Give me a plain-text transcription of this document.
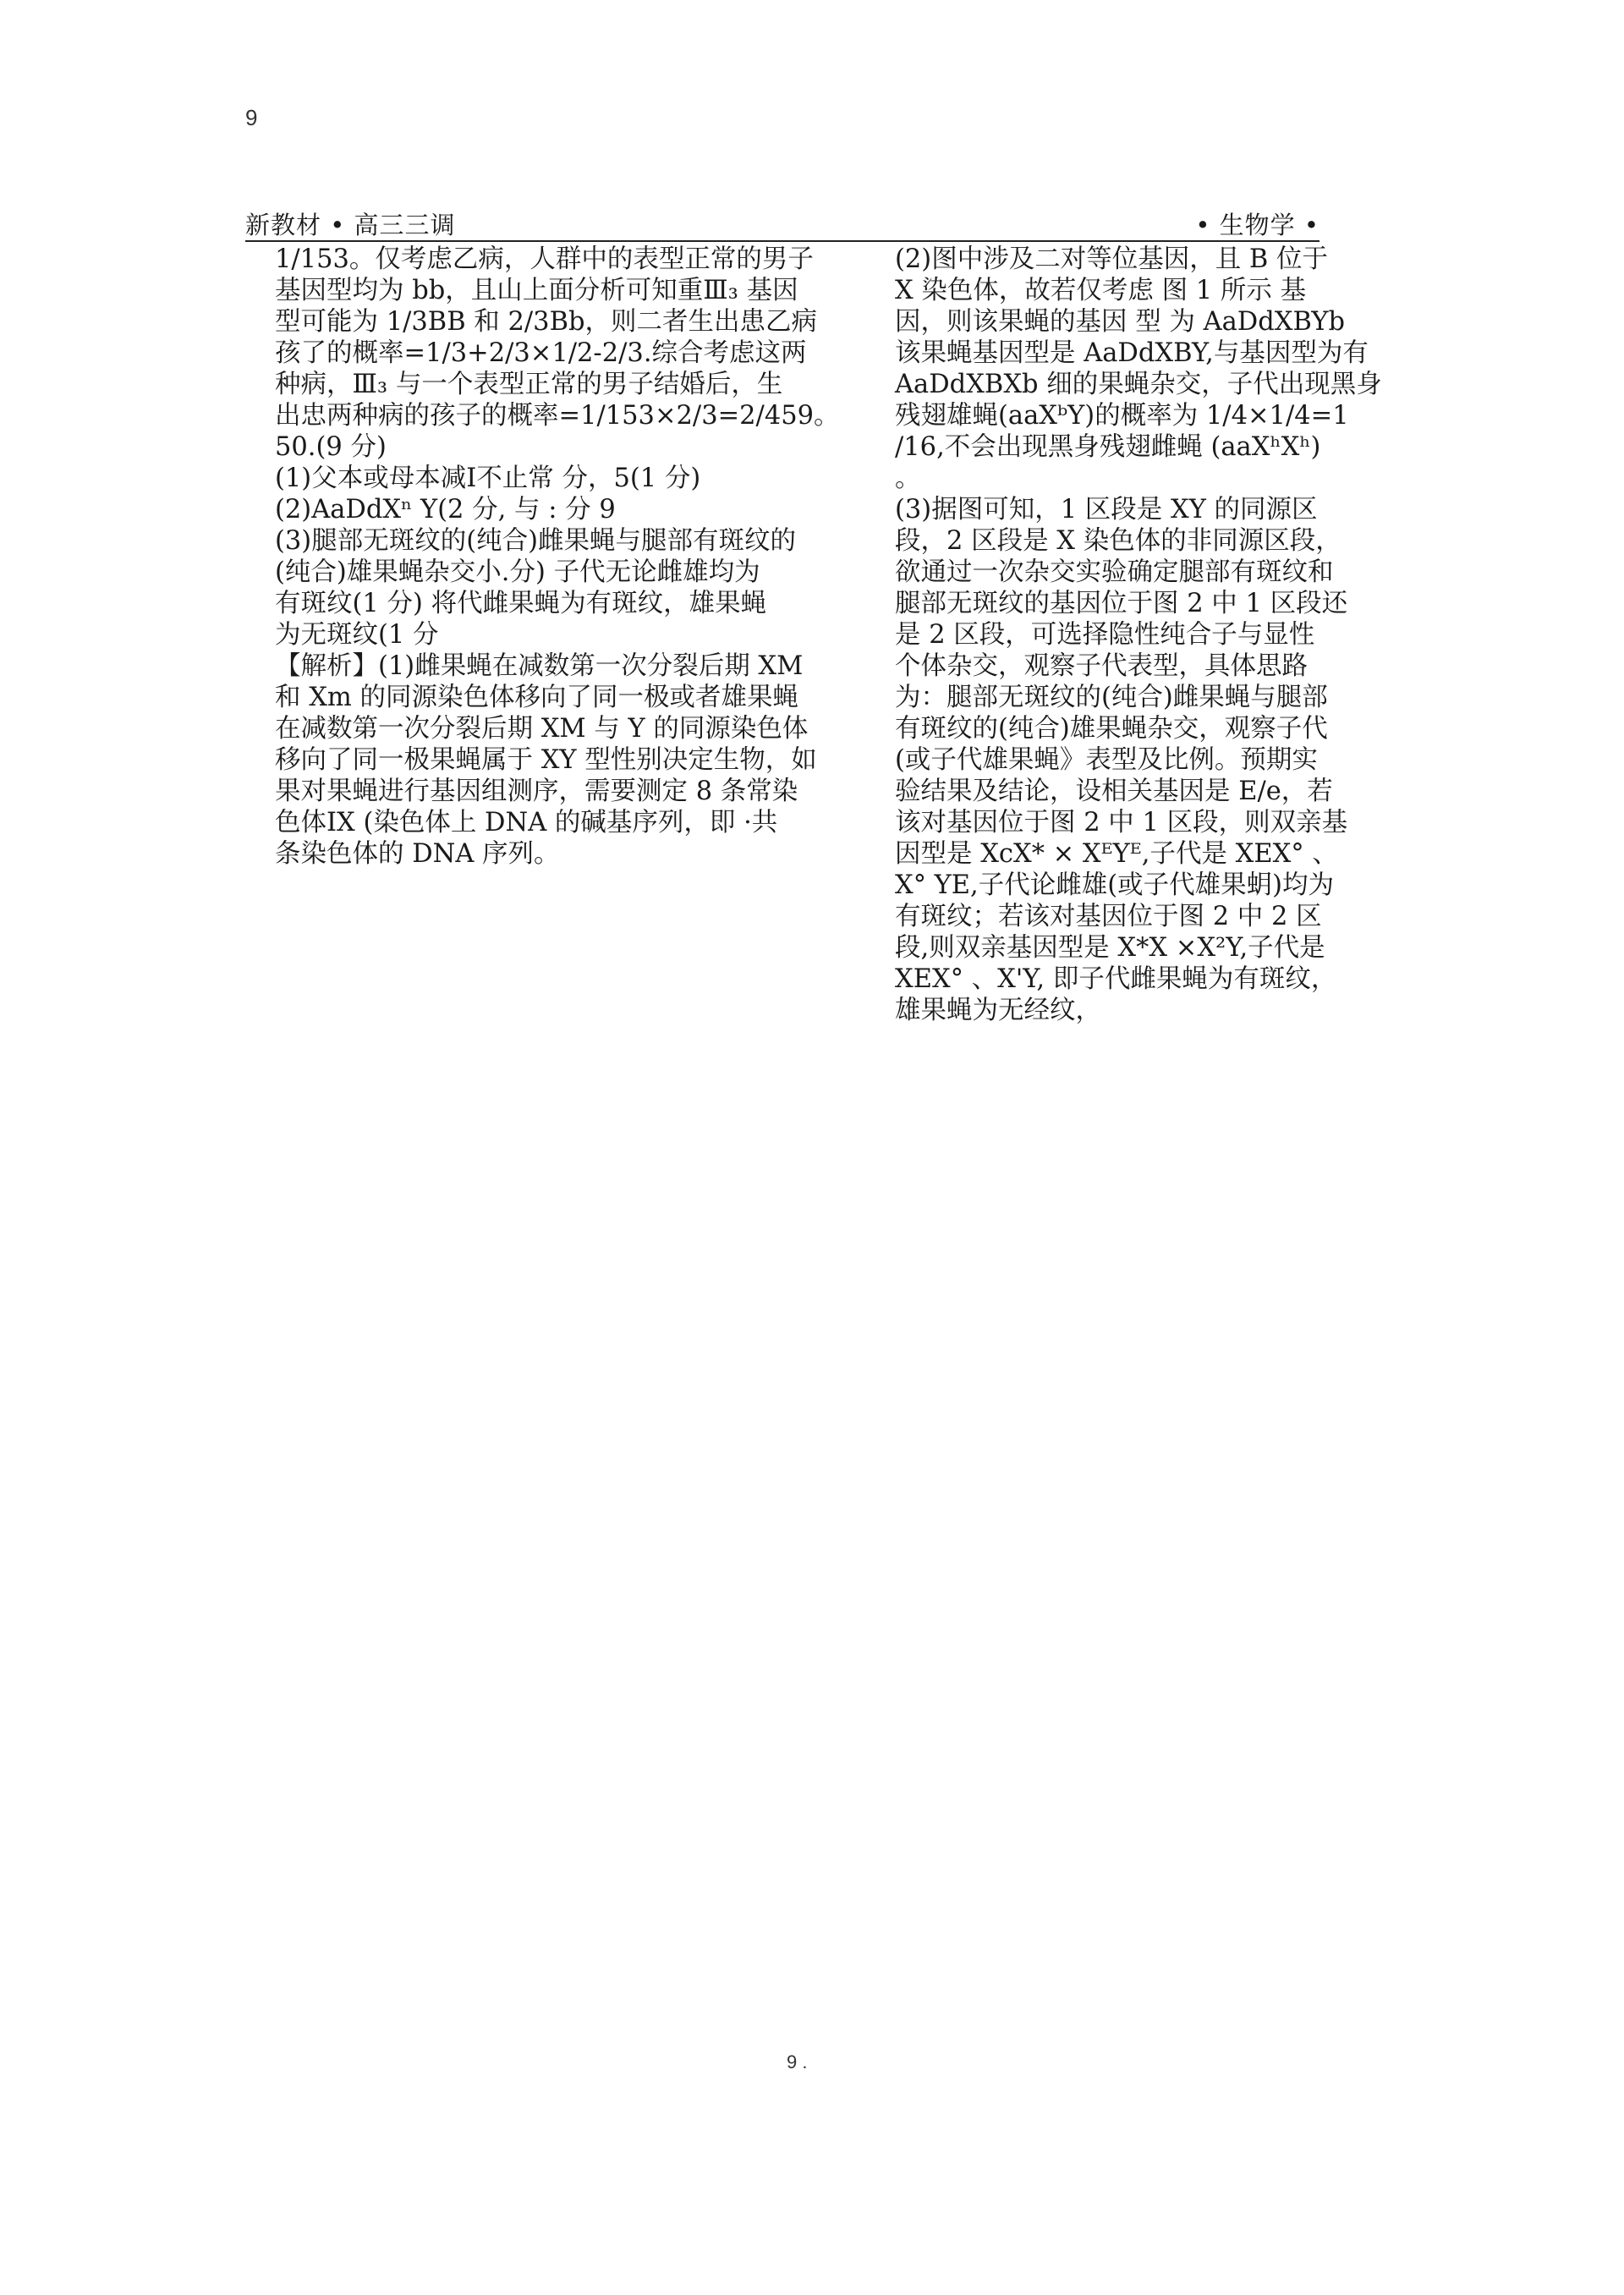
9
新教材 • 高三三调	• 生物学 •
1/153。仅考虑乙病，人群中的表型正常的男子
基因型均为 bb，且山上面分析可知重Ⅲ₃ 基因
型可能为 1/3BB 和 2/3Bb，则二者生出患乙病
孩了的概率=1/3+2/3×1/2-2/3.综合考虑这两
种病，Ⅲ₃ 与一个表型正常的男子结婚后，生
出忠两种病的孩子的概率=1/153×2/3=2/459。
50.(9 分)
(1)父本或母本减Ⅰ不止常 分，5(1 分)
(2)AaDdXⁿ Y(2 分, 与 : 分 9
(3)腿部无斑纹的(纯合)雌果蝇与腿部有斑纹的
(纯合)雄果蝇杂交小.分) 子代无论雌雄均为
有斑纹(1 分) 将代雌果蝇为有斑纹，雄果蝇
为无斑纹(1 分
【解析】(1)雌果蝇在减数第一次分裂后期 XM
和 Xm 的同源染色体移向了同一极或者雄果蝇
在减数第一次分裂后期 XM 与 Y 的同源染色体
移向了同一极果蝇属于 XY 型性别决定生物，如
果对果蝇进行基因组测序，需要测定 8 条常染
色体ⅠX (染色体上 DNA 的碱基序列，即 ·共
条染色体的 DNA 序列。
(2)图中涉及二对等位基因，且 B 位于
X 染色体，故若仅考虑 图 1 所示 基
因，则该果蝇的基因 型 为 AaDdXBYb
该果蝇基因型是 AaDdXBY,与基因型为有
AaDdXBXb 细的果蝇杂交，子代出现黑身
残翅雄蝇(aaXᵇY)的概率为 1/4×1/4=1
/16,不会出现黑身残翅雌蝇 (aaXʰXʰ)
。
(3)据图可知，1 区段是 XY 的同源区
段，2 区段是 X 染色体的非同源区段，
欲通过一次杂交实验确定腿部有斑纹和
腿部无斑纹的基因位于图 2 中 1 区段还
是 2 区段，可选择隐性纯合子与显性
个体杂交，观察子代表型，具体思路
为：腿部无斑纹的(纯合)雌果蝇与腿部
有斑纹的(纯合)雄果蝇杂交，观察子代
(或子代雄果蝇》表型及比例。预期实
验结果及结论，设相关基因是 E/e，若
该对基因位于图 2 中 1 区段，则双亲基
因型是 XcX* × XᴱYᴱ,子代是 XEX° 、
X° YE,子代论雌雄(或子代雄果蚏)均为
有斑纹；若该对基因位于图 2 中 2 区
段,则双亲基因型是 X*X ×X²Y,子代是
XEX° 、X'Y, 即子代雌果蝇为有斑纹，
雄果蝇为无经纹，
9 .
